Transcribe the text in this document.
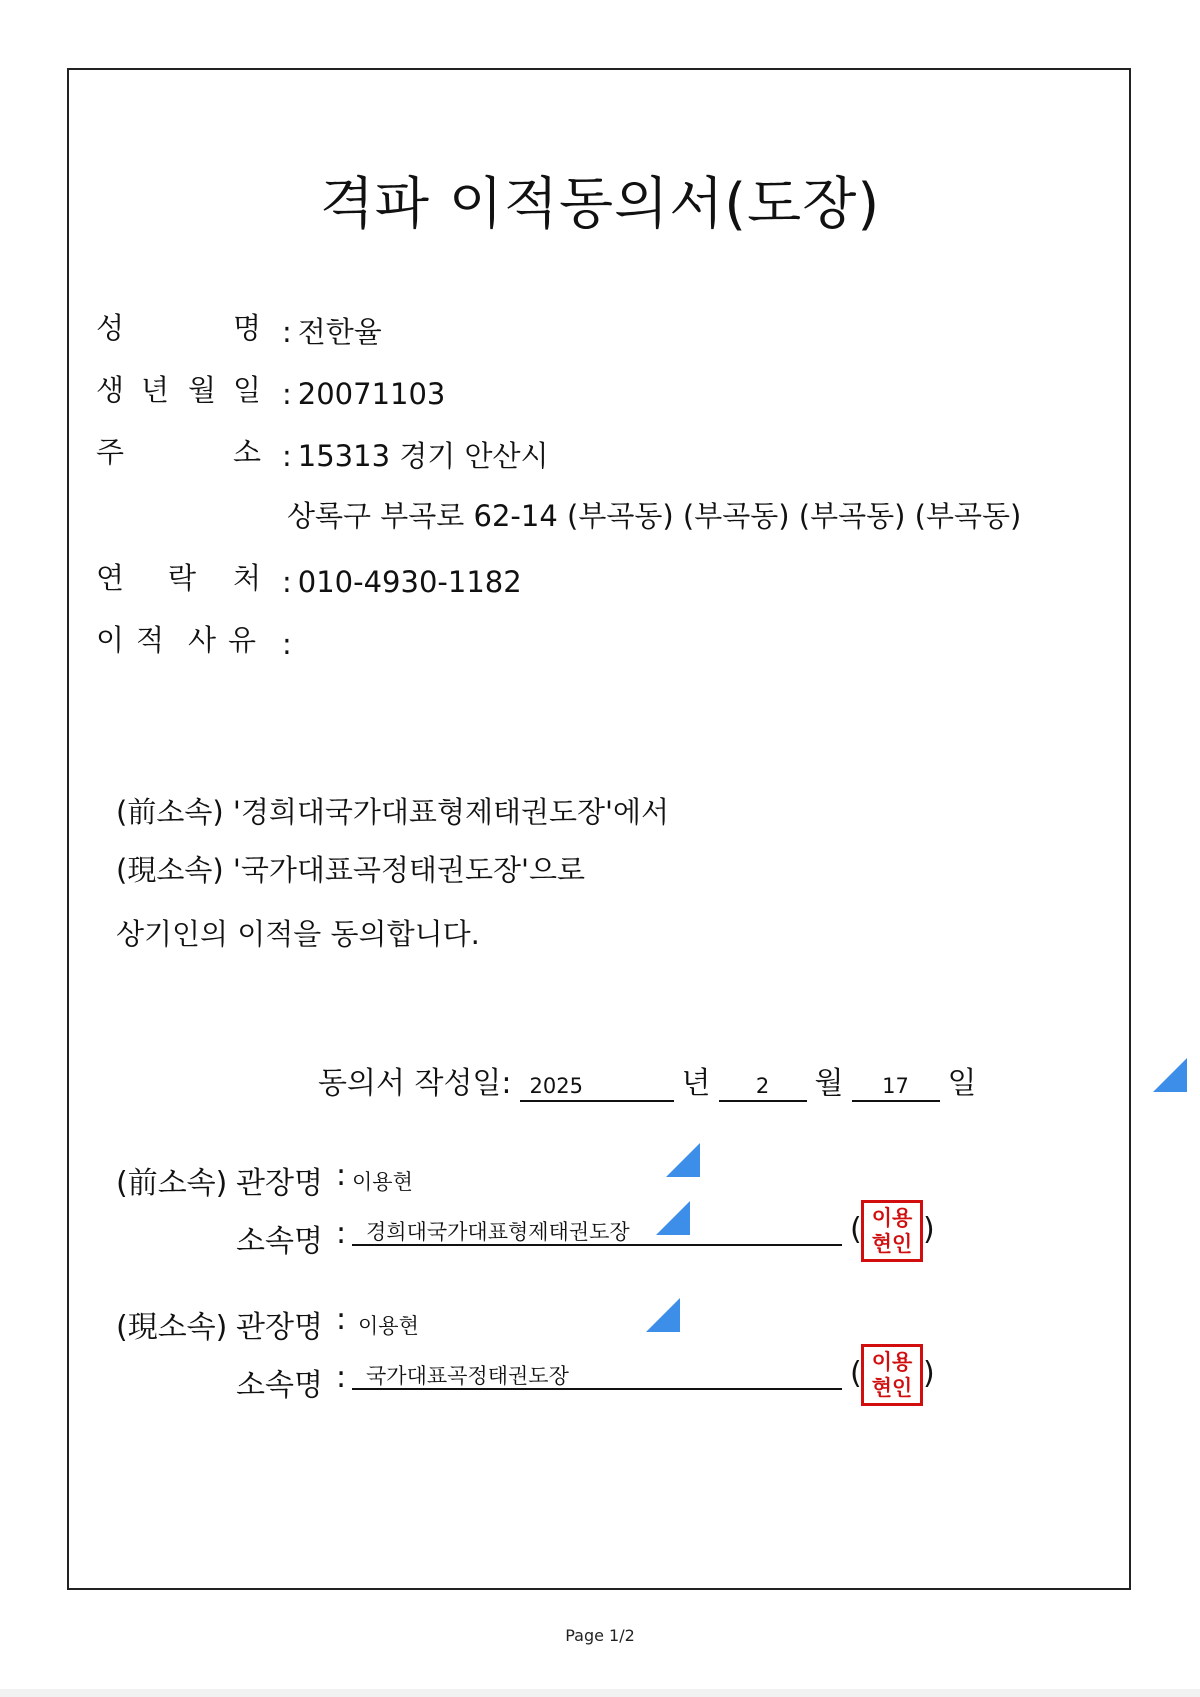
격파 이적동의서(도장)
성	명 : 전한율
생 년 월 일 : 20071103
주	소 : 15313 경기 안산시
상록구 부곡로 62-14 (부곡동) (부곡동) (부곡동) (부곡동)
연 락 처 : 010-4930-1182
이 적 사 유 :
(前소속) '경희대국가대표형제태권도장'에서
(現소속) '국가대표곡정태권도장'으로
상기인의 이적을 동의합니다.
동의서 작성일: 2025	년	2	월	17	일
(前소속) 관장명 : 이용현
소속명 : 경희대국가대표형제태권도장	( 이용
현인 )
(現소속) 관장명 : 이용현
소속명 : 국가대표곡정태권도장	( 이용
현인 )
Page 1/2
